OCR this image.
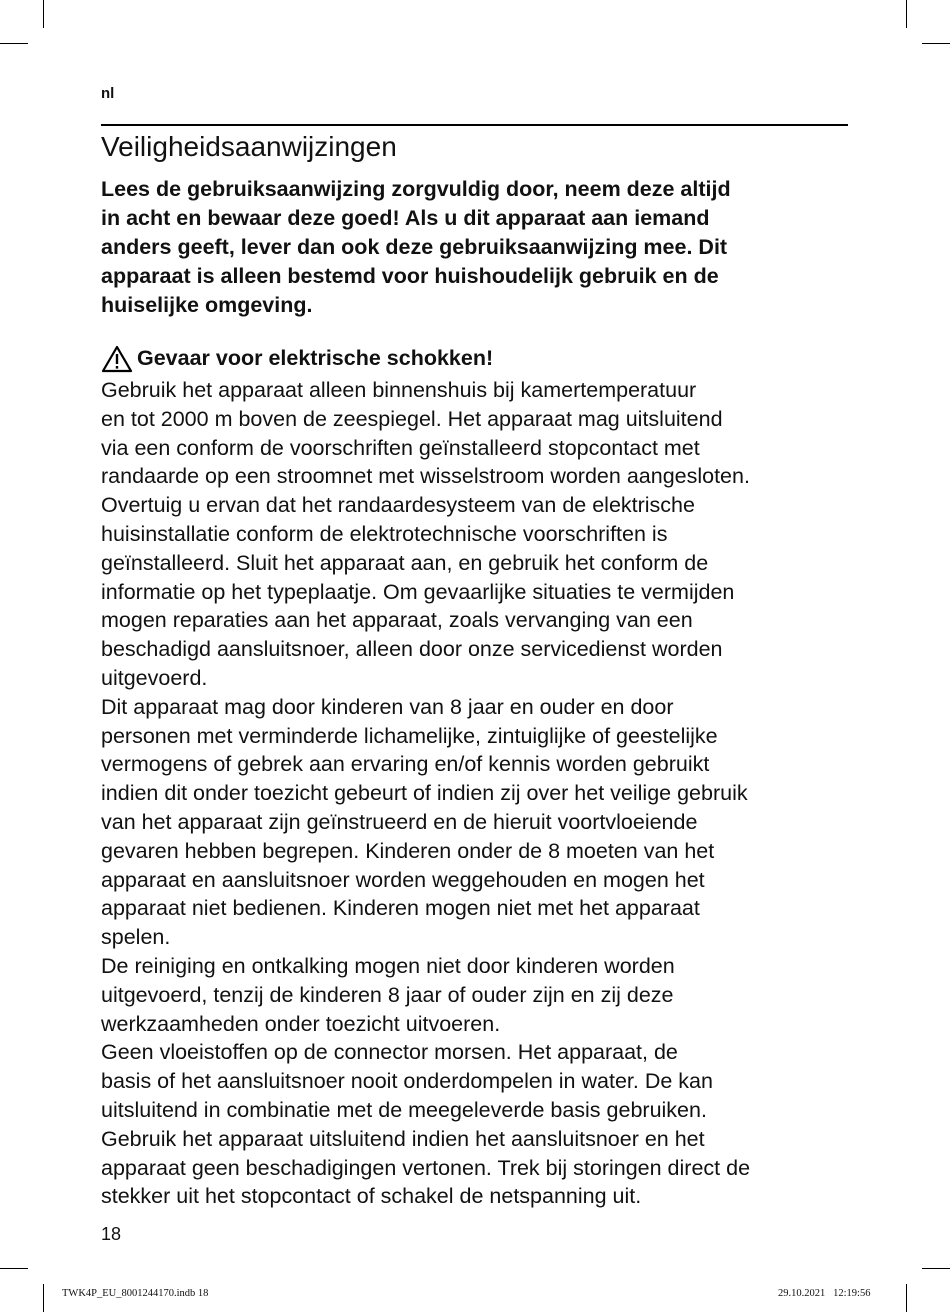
nl
Veiligheidsaanwijzingen

Lees de gebruiksaanwijzing zorgvuldig door, neem deze altijd
in acht en bewaar deze goed! Als u dit apparaat aan iemand
anders geeft, lever dan ook deze gebruiksaanwijzing mee. Dit
apparaat is alleen bestemd voor huishoudelijk gebruik en de
huiselijke omgeving.

Gevaar voor elektrische schokken!
Gebruik het apparaat alleen binnenshuis bij kamertemperatuur
en tot 2000 m boven de zeespiegel. Het apparaat mag uitsluitend
via een conform de voorschriften geïnstalleerd stopcontact met
randaarde op een stroomnet met wisselstroom worden aangesloten.
Overtuig u ervan dat het randaardesysteem van de elektrische
huisinstallatie conform de elektrotechnische voorschriften is
geïnstalleerd. Sluit het apparaat aan, en gebruik het conform de
informatie op het typeplaatje. Om gevaarlijke situaties te vermijden
mogen reparaties aan het apparaat, zoals vervanging van een
beschadigd aansluitsnoer, alleen door onze servicedienst worden
uitgevoerd.
Dit apparaat mag door kinderen van 8 jaar en ouder en door
personen met verminderde lichamelijke, zintuiglijke of geestelijke
vermogens of gebrek aan ervaring en/of kennis worden gebruikt
indien dit onder toezicht gebeurt of indien zij over het veilige gebruik
van het apparaat zijn geïnstrueerd en de hieruit voortvloeiende
gevaren hebben begrepen. Kinderen onder de 8 moeten van het
apparaat en aansluitsnoer worden weggehouden en mogen het
apparaat niet bedienen. Kinderen mogen niet met het apparaat
spelen.
De reiniging en ontkalking mogen niet door kinderen worden
uitgevoerd, tenzij de kinderen 8 jaar of ouder zijn en zij deze
werkzaamheden onder toezicht uitvoeren.
Geen vloeistoffen op de connector morsen. Het apparaat, de
basis of het aansluitsnoer nooit onderdompelen in water. De kan
uitsluitend in combinatie met de meegeleverde basis gebruiken.
Gebruik het apparaat uitsluitend indien het aansluitsnoer en het
apparaat geen beschadigingen vertonen. Trek bij storingen direct de
stekker uit het stopcontact of schakel de netspanning uit.
18
TWK4P_EU_8001244170.indb 18	29.10.2021   12:19:56
